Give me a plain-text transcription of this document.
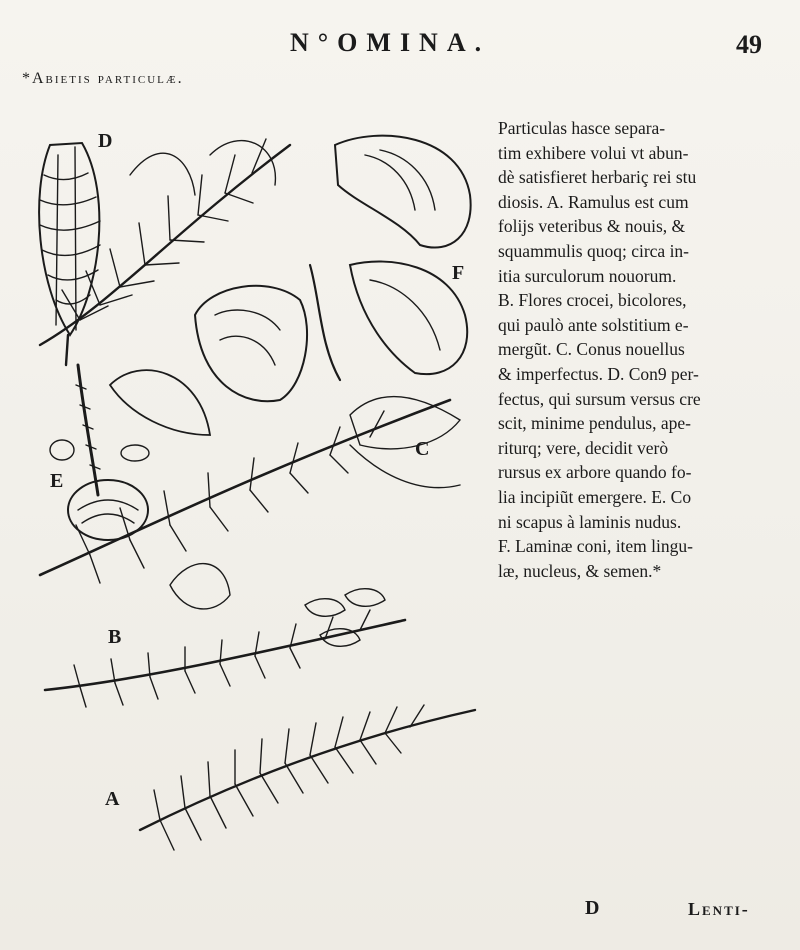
N°OMINA.	49
*Abietis particulæ.
D
F
E
C
B
A
Particulas hasce separa-
tim exhibere volui vt abun-
dè satisfieret herbariç rei stu
diosis. A. Ramulus est cum
folijs veteribus & nouis, &
squammulis quoq; circa in-
itia surculorum nouorum.
B. Flores crocei, bicolores,
qui paulò ante solstitium e-
mergũt. C. Conus nouellus
& imperfectus. D. Con9 per-
fectus, qui sursum versus cre
scit, minime pendulus, ape-
riturq; vere, decidit verò
rursus ex arbore quando fo-
lia incipiũt emergere. E. Co
ni scapus à laminis nudus.
F. Laminæ coni, item lingu-
læ, nucleus, & semen.*
D	Lenti-
